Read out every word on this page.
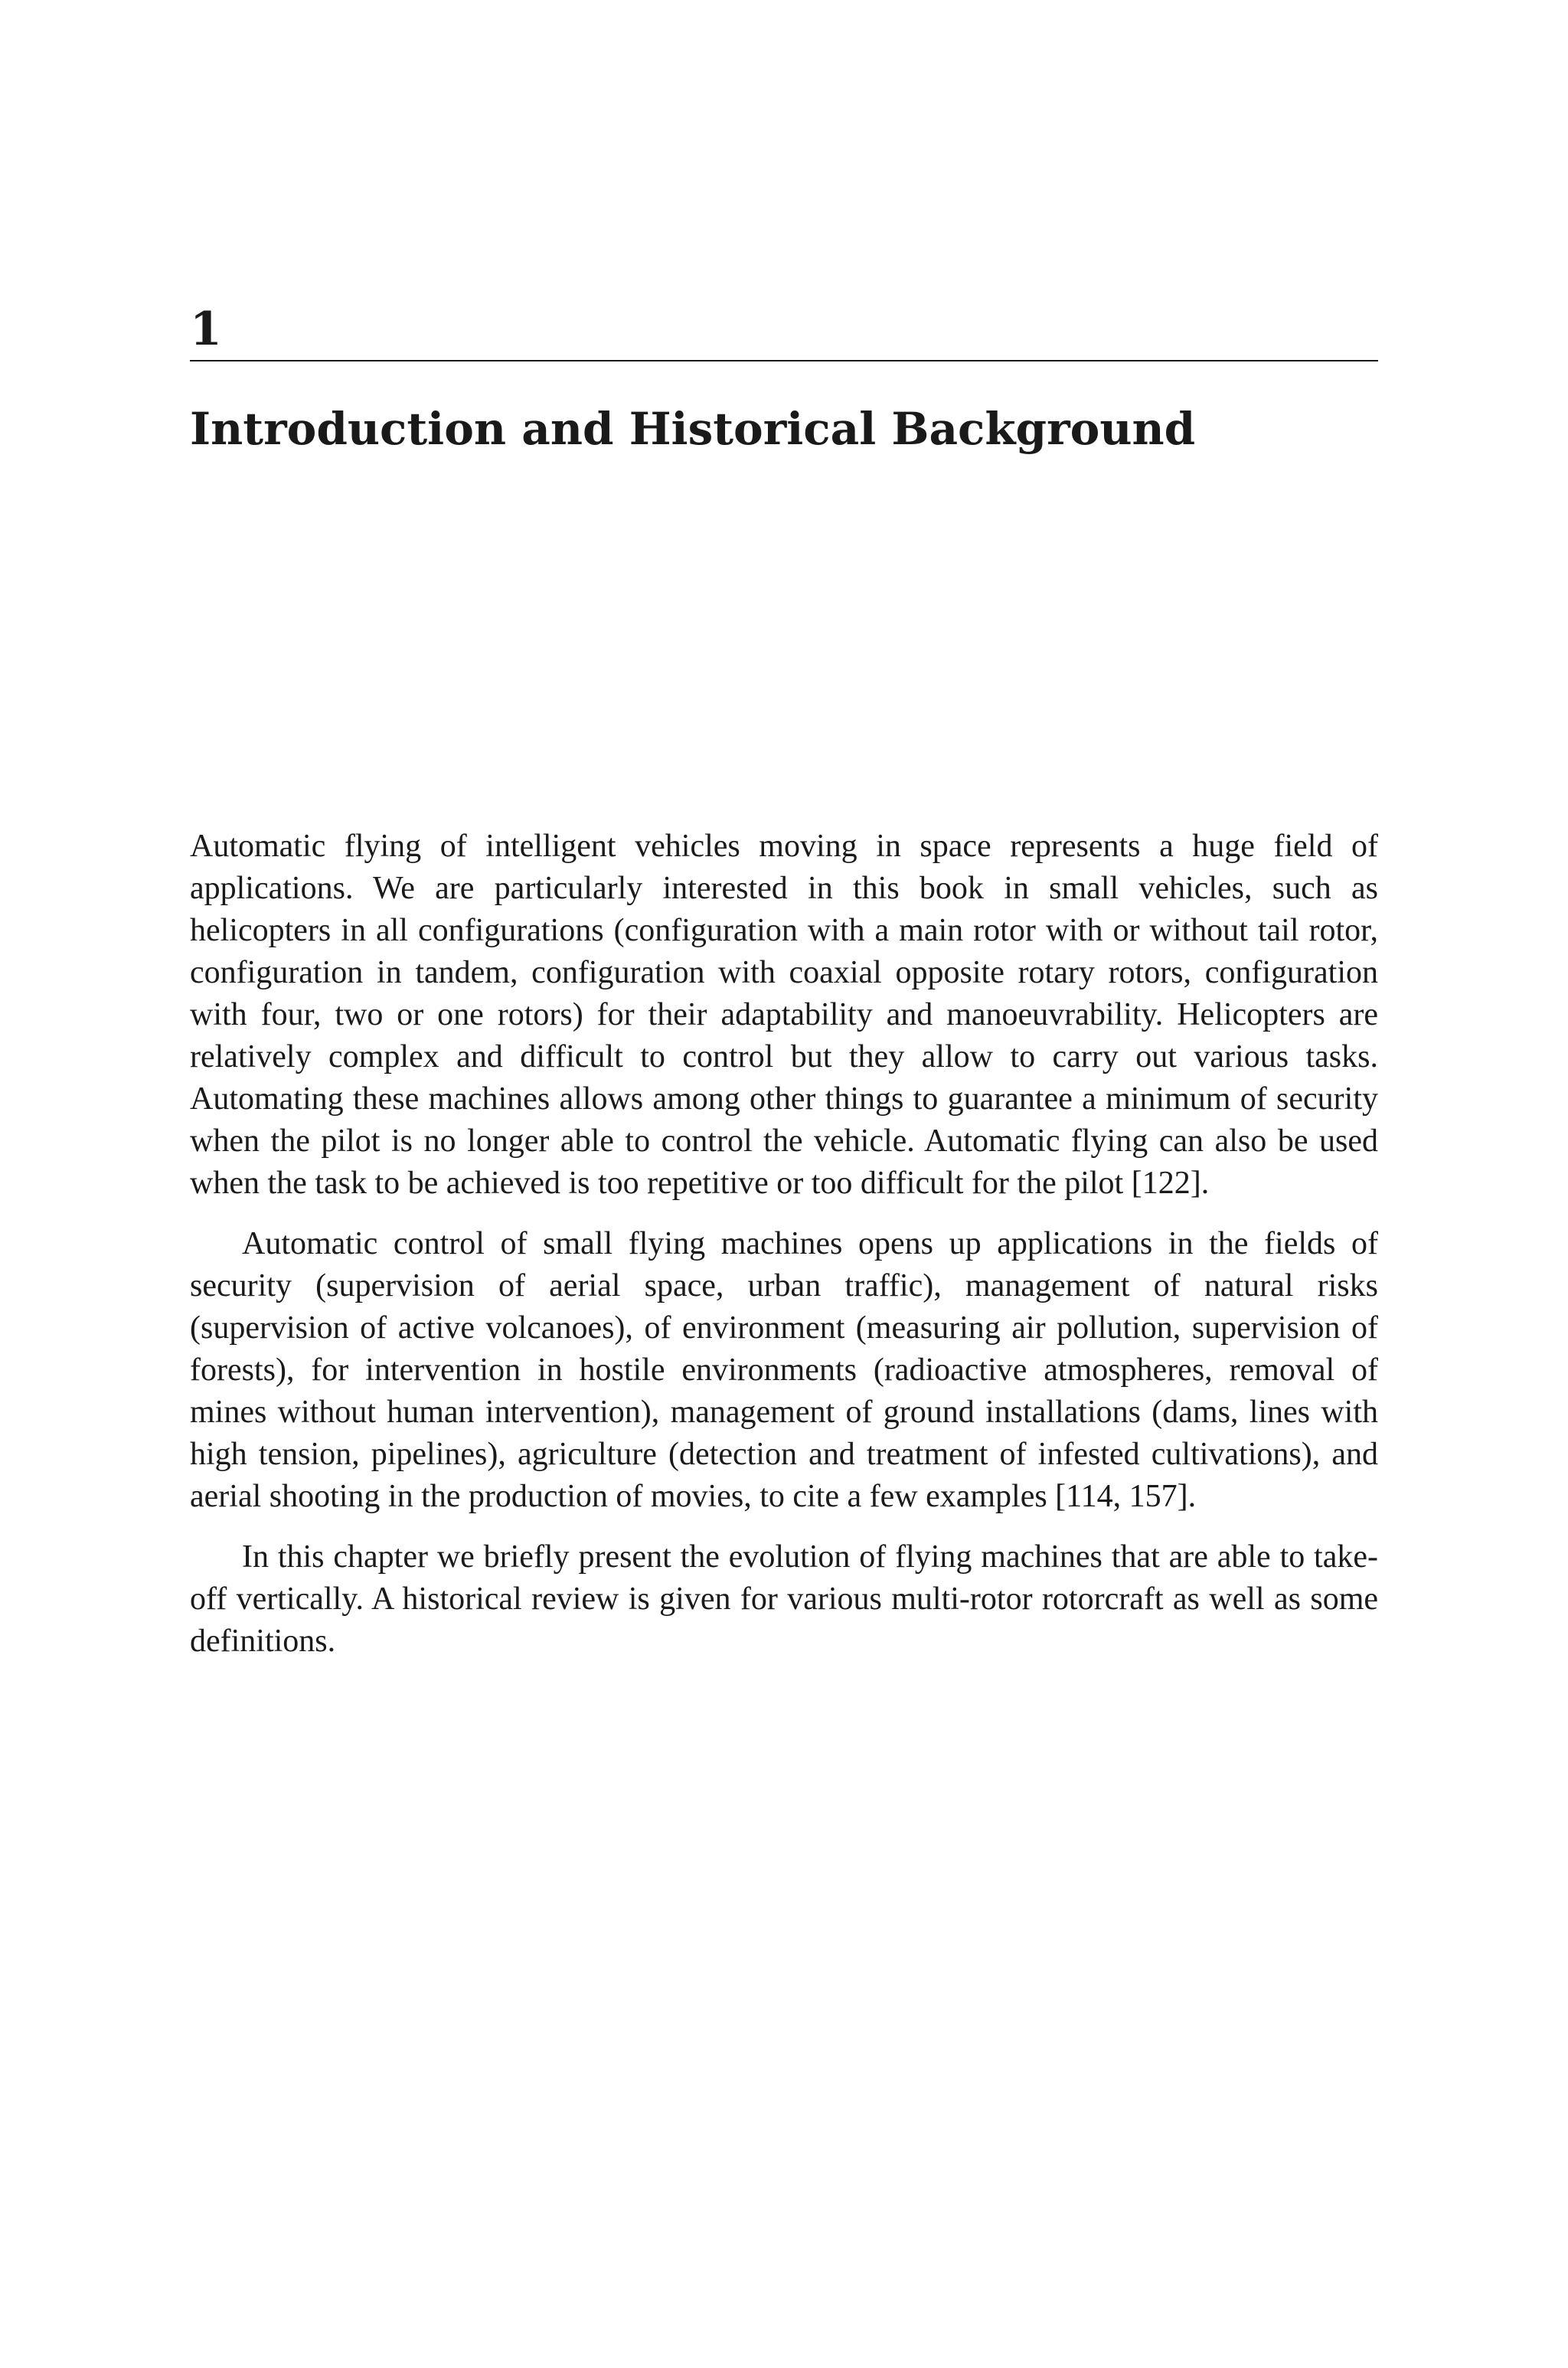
1
Introduction and Historical Background

Automatic flying of intelligent vehicles moving in space represents a huge field of applications. We are particularly interested in this book in small vehicles, such as helicopters in all configurations (configuration with a main rotor with or without tail rotor, configuration in tandem, configuration with coaxial opposite rotary rotors, configuration with four, two or one rotors) for their adaptability and manoeuvrability. Helicopters are relatively complex and difficult to control but they allow to carry out various tasks. Automating these machines allows among other things to guarantee a minimum of security when the pilot is no longer able to control the vehicle. Automatic flying can also be used when the task to be achieved is too repetitive or too difficult for the pilot [122].

Automatic control of small flying machines opens up applications in the fields of security (supervision of aerial space, urban traffic), management of natural risks (supervision of active volcanoes), of environment (measuring air pollution, supervision of forests), for intervention in hostile environments (radioactive atmospheres, removal of mines without human intervention), management of ground installations (dams, lines with high tension, pipelines), agriculture (detection and treatment of infested cultivations), and aerial shooting in the production of movies, to cite a few examples [114, 157].

In this chapter we briefly present the evolution of flying machines that are able to take-off vertically. A historical review is given for various multi-rotor rotorcraft as well as some definitions.
